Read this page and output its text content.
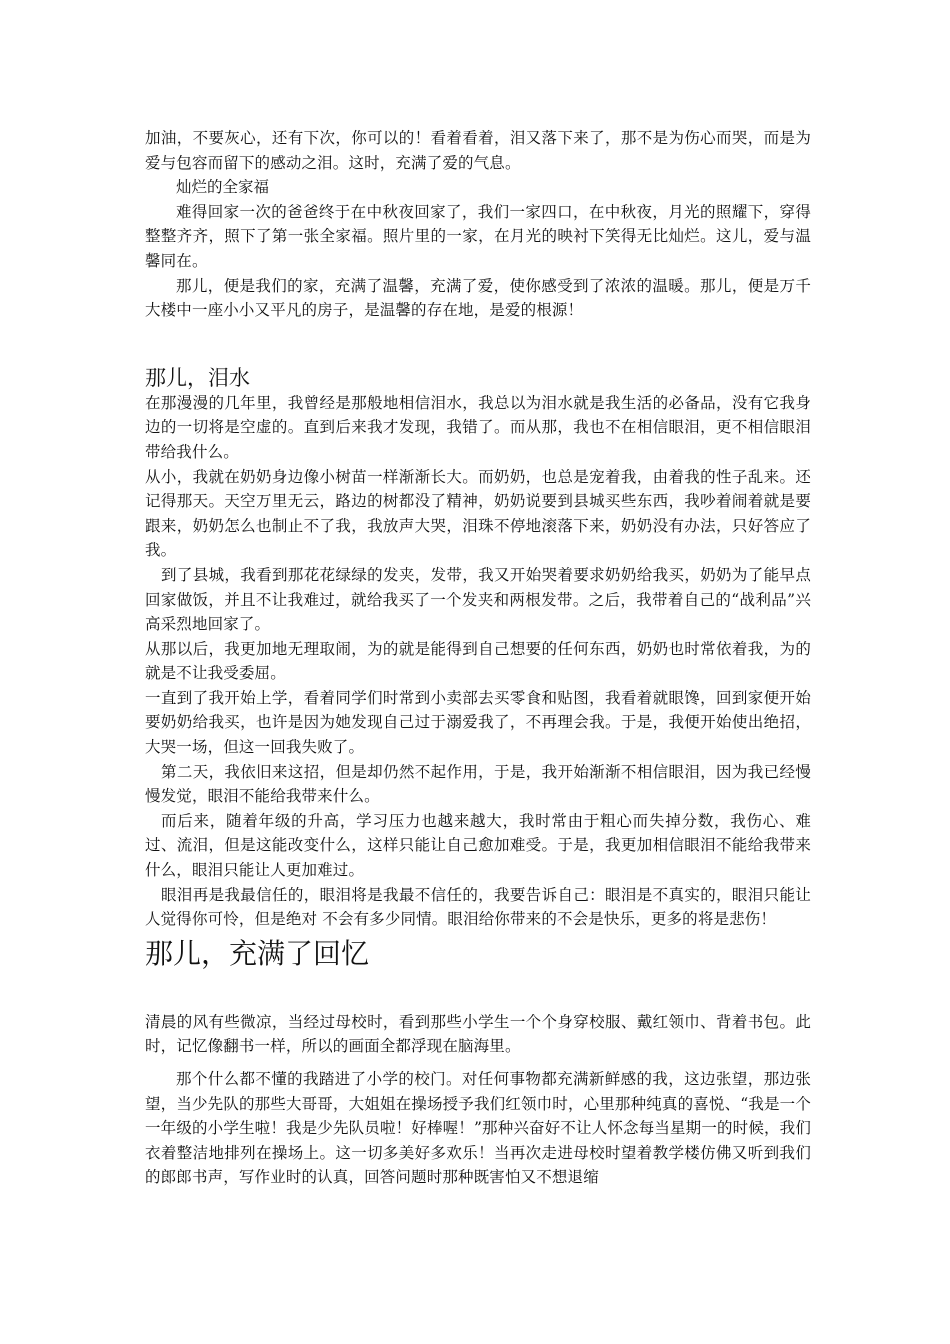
加油，不要灰心，还有下次，你可以的！看着看着，泪又落下来了，那不是为伤心而哭，而是为爱与包容而留下的感动之泪。这时，充满了爱的气息。

灿烂的全家福

难得回家一次的爸爸终于在中秋夜回家了，我们一家四口，在中秋夜，月光的照耀下，穿得整整齐齐，照下了第一张全家福。照片里的一家，在月光的映衬下笑得无比灿烂。这儿，爱与温馨同在。

那儿，便是我们的家，充满了温馨，充满了爱，使你感受到了浓浓的温暖。那儿，便是万千大楼中一座小小又平凡的房子，是温馨的存在地，是爱的根源！

那儿，泪水

在那漫漫的几年里，我曾经是那般地相信泪水，我总以为泪水就是我生活的必备品，没有它我身边的一切将是空虚的。直到后来我才发现，我错了。而从那，我也不在相信眼泪，更不相信眼泪带给我什么。

从小，我就在奶奶身边像小树苗一样渐渐长大。而奶奶，也总是宠着我，由着我的性子乱来。还记得那天。天空万里无云，路边的树都没了精神，奶奶说要到县城买些东西，我吵着闹着就是要跟来，奶奶怎么也制止不了我，我放声大哭，泪珠不停地滚落下来，奶奶没有办法，只好答应了我。

到了县城，我看到那花花绿绿的发夹，发带，我又开始哭着要求奶奶给我买，奶奶为了能早点回家做饭，并且不让我难过，就给我买了一个发夹和两根发带。之后，我带着自己的“战利品”兴高采烈地回家了。

从那以后，我更加地无理取闹，为的就是能得到自己想要的任何东西，奶奶也时常依着我，为的就是不让我受委屈。

一直到了我开始上学，看着同学们时常到小卖部去买零食和贴图，我看着就眼馋，回到家便开始要奶奶给我买，也许是因为她发现自己过于溺爱我了，不再理会我。于是，我便开始使出绝招，大哭一场，但这一回我失败了。

第二天，我依旧来这招，但是却仍然不起作用，于是，我开始渐渐不相信眼泪，因为我已经慢慢发觉，眼泪不能给我带来什么。

而后来，随着年级的升高，学习压力也越来越大，我时常由于粗心而失掉分数，我伤心、难过、流泪，但是这能改变什么，这样只能让自己愈加难受。于是，我更加相信眼泪不能给我带来什么，眼泪只能让人更加难过。

眼泪再是我最信任的，眼泪将是我最不信任的，我要告诉自己：眼泪是不真实的，眼泪只能让人觉得你可怜，但是绝对 不会有多少同情。眼泪给你带来的不会是快乐，更多的将是悲伤！

那儿，充满了回忆

清晨的风有些微凉，当经过母校时，看到那些小学生一个个身穿校服、戴红领巾、背着书包。此时，记忆像翻书一样，所以的画面全都浮现在脑海里。

那个什么都不懂的我踏进了小学的校门。对任何事物都充满新鲜感的我，这边张望，那边张望，当少先队的那些大哥哥，大姐姐在操场授予我们红领巾时，心里那种纯真的喜悦、“我是一个一年级的小学生啦！我是少先队员啦！好棒喔！”那种兴奋好不让人怀念每当星期一的时候，我们衣着整洁地排列在操场上。这一切多美好多欢乐！当再次走进母校时望着教学楼仿佛又听到我们的郎郎书声，写作业时的认真，回答问题时那种既害怕又不想退缩
